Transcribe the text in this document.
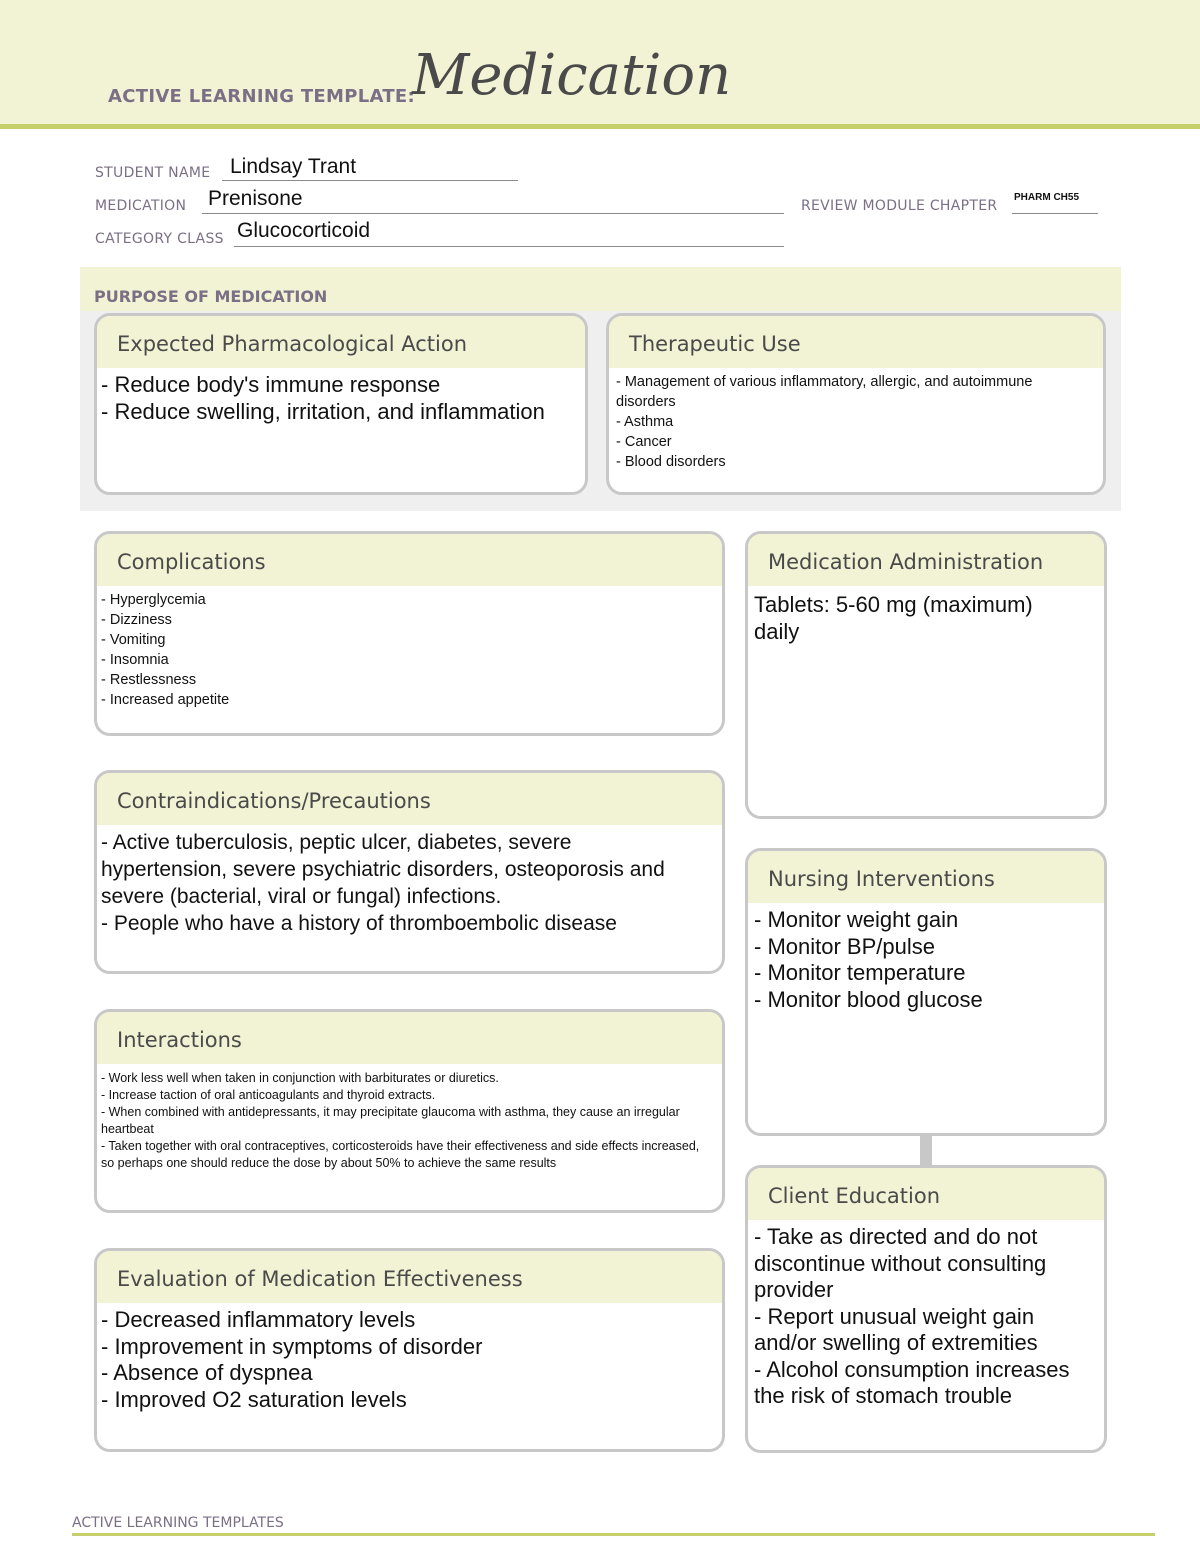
ACTIVE LEARNING TEMPLATE:
Medication
STUDENT NAME Lindsay Trant
MEDICATION Prenisone	REVIEW MODULE CHAPTER
PHARM CH55
CATEGORY CLASS Glucocorticoid
PURPOSE OF MEDICATION
Expected Pharmacological Action
- Reduce body's immune response
- Reduce swelling, irritation, and inflammation
Therapeutic Use
- Management of various inflammatory, allergic, and autoimmune disorders
- Asthma
- Cancer
- Blood disorders
Complications
- Hyperglycemia
- Dizziness
- Vomiting
- Insomnia
- Restlessness
- Increased appetite
Contraindications/Precautions
- Active tuberculosis, peptic ulcer, diabetes, severe hypertension, severe psychiatric disorders, osteoporosis and severe (bacterial, viral or fungal) infections.
- People who have a history of thromboembolic disease
Interactions
- Work less well when taken in conjunction with barbiturates or diuretics.
- Increase taction of oral anticoagulants and thyroid extracts.
- When combined with antidepressants, it may precipitate glaucoma with asthma, they cause an irregular heartbeat
- Taken together with oral contraceptives, corticosteroids have their effectiveness and side effects increased, so perhaps one should reduce the dose by about 50% to achieve the same results
Evaluation of Medication Effectiveness
- Decreased inflammatory levels
- Improvement in symptoms of disorder
- Absence of dyspnea
- Improved O2 saturation levels
Medication Administration
Tablets: 5-60 mg (maximum) daily
Nursing Interventions
- Monitor weight gain
- Monitor BP/pulse
- Monitor temperature
- Monitor blood glucose
Client Education
- Take as directed and do not discontinue without consulting provider
- Report unusual weight gain and/or swelling of extremities
- Alcohol consumption increases the risk of stomach trouble
ACTIVE LEARNING TEMPLATES
